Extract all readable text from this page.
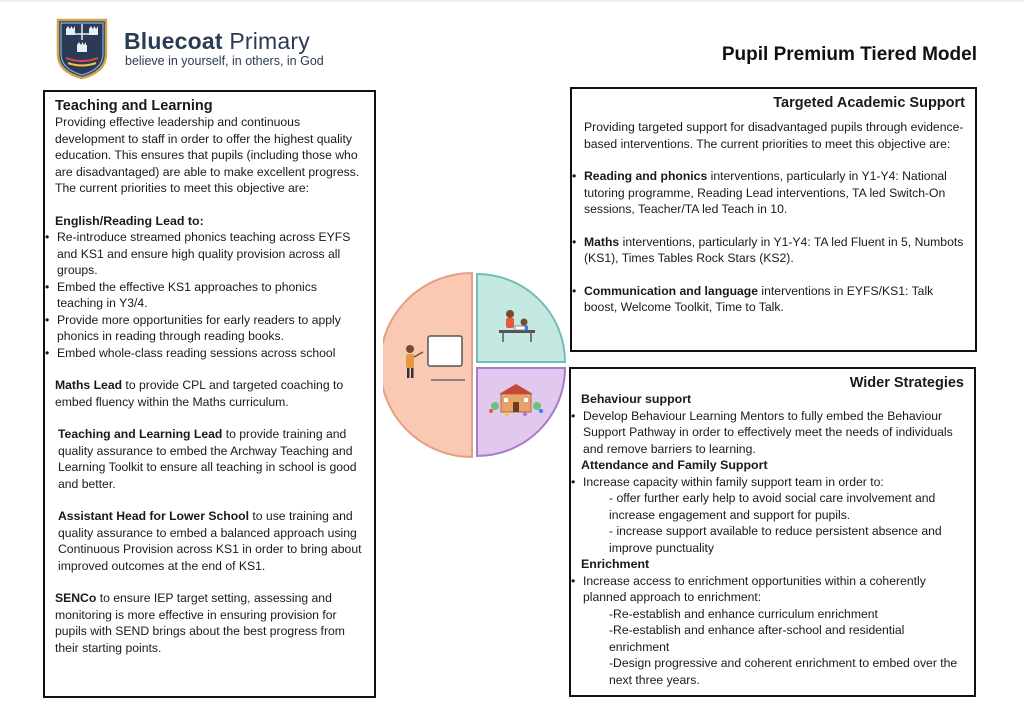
Bluecoat Primary
believe in yourself, in others, in God	Pupil Premium Tiered Model
Teaching and Learning

Providing effective leadership and continuous development to staff in order to offer the highest quality education. This ensures that pupils (including those who are disadvantaged) are able to make excellent progress. The current priorities to meet this objective are:

English/Reading Lead to:

• Re-introduce streamed phonics teaching across EYFS and KS1 and ensure high quality provision across all groups.

• Embed the effective KS1 approaches to phonics teaching in Y3/4.

• Provide more opportunities for early readers to apply phonics in reading through reading books.

• Embed whole-class reading sessions across school

Maths Lead to provide CPL and targeted coaching to embed fluency within the Maths curriculum.

Teaching and Learning Lead to provide training and quality assurance to embed the Archway Teaching and Learning Toolkit to ensure all teaching in school is good and better.

Assistant Head for Lower School to use training and quality assurance to embed a balanced approach using Continuous Provision across KS1 in order to bring about improved outcomes at the end of KS1.

SENCo to ensure IEP target setting, assessing and monitoring is more effective in ensuring provision for pupils with SEND brings about the best progress from their starting points.

Targeted Academic Support

Providing targeted support for disadvantaged pupils through evidence-based interventions. The current priorities to meet this objective are:

• Reading and phonics interventions, particularly in Y1-Y4: National tutoring programme, Reading Lead interventions, TA led Switch-On sessions, Teacher/TA led Teach in 10.

• Maths interventions, particularly in Y1-Y4: TA led Fluent in 5, Numbots (KS1), Times Tables Rock Stars (KS2).

• Communication and language interventions in EYFS/KS1: Talk boost, Welcome Toolkit, Time to Talk.

Wider Strategies

Behaviour support

• Develop Behaviour Learning Mentors to fully embed the Behaviour Support Pathway in order to effectively meet the needs of individuals and remove barriers to learning.

Attendance and Family Support

• Increase capacity within family support team in order to:

- offer further early help to avoid social care involvement and increase engagement and support for pupils.

- increase support available to reduce persistent absence and improve punctuality

Enrichment

• Increase access to enrichment opportunities within a coherently planned approach to enrichment:

-Re-establish and enhance curriculum enrichment

-Re-establish and enhance after-school and residential enrichment

-Design progressive and coherent enrichment to embed over the next three years.
